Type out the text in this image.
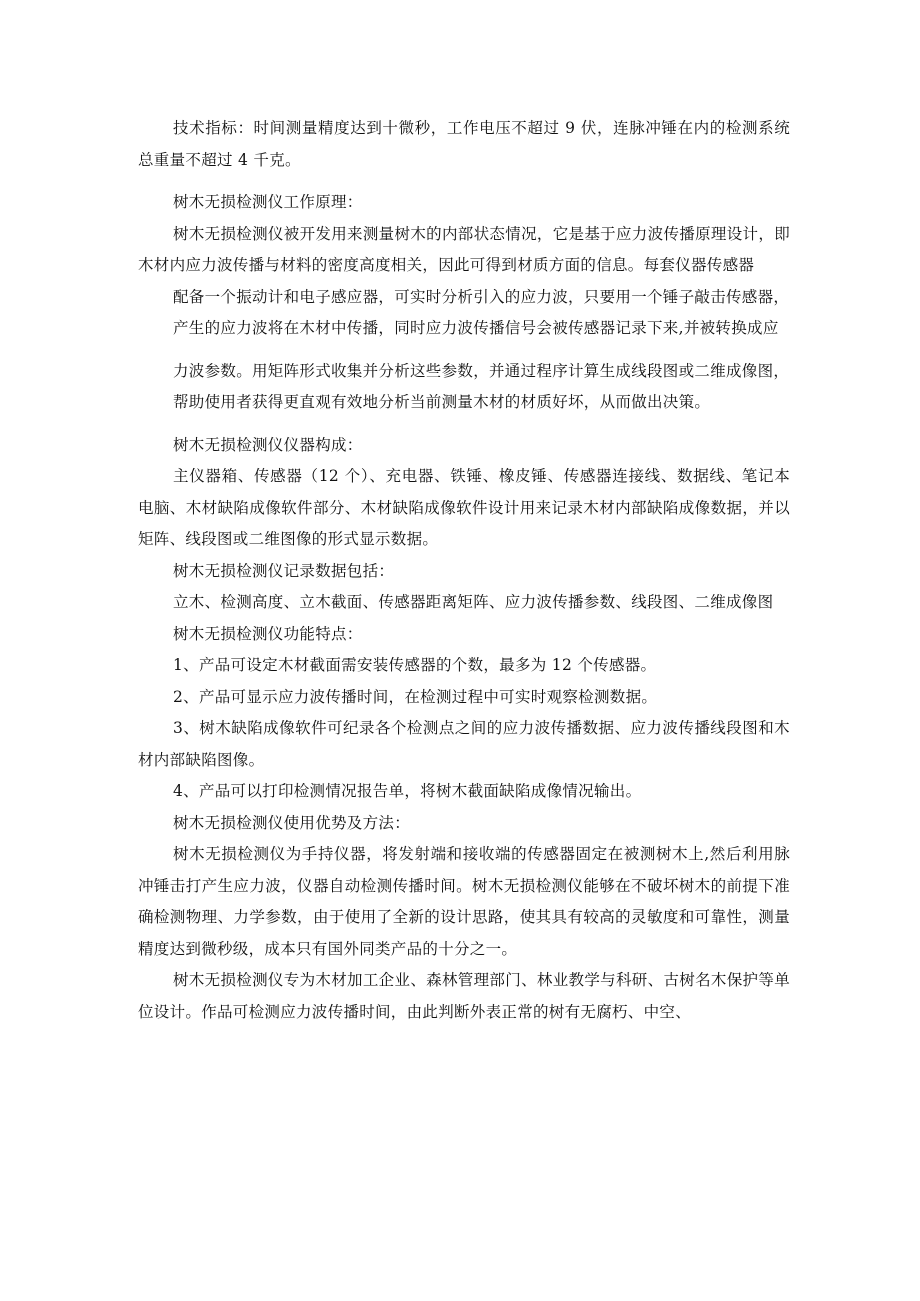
技术指标：时间测量精度达到十微秒，工作电压不超过 9 伏，连脉冲锤在内的检测系统总重量不超过 4 千克。

树木无损检测仪工作原理：

树木无损检测仪被开发用来测量树木的内部状态情况，它是基于应力波传播原理设计，即木材内应力波传播与材料的密度高度相关，因此可得到材质方面的信息。每套仪器传感器

配备一个振动计和电子感应器，可实时分析引入的应力波，只要用一个锤子敲击传感器，

产生的应力波将在木材中传播，同时应力波传播信号会被传感器记录下来,并被转换成应

力波参数。用矩阵形式收集并分析这些参数，并通过程序计算生成线段图或二维成像图，

帮助使用者获得更直观有效地分析当前测量木材的材质好坏，从而做出决策。

树木无损检测仪仪器构成：

主仪器箱、传感器（12 个）、充电器、铁锤、橡皮锤、传感器连接线、数据线、笔记本电脑、木材缺陷成像软件部分、木材缺陷成像软件设计用来记录木材内部缺陷成像数据，并以矩阵、线段图或二维图像的形式显示数据。

树木无损检测仪记录数据包括：

立木、检测高度、立木截面、传感器距离矩阵、应力波传播参数、线段图、二维成像图

树木无损检测仪功能特点：

1、产品可设定木材截面需安装传感器的个数，最多为 12 个传感器。

2、产品可显示应力波传播时间，在检测过程中可实时观察检测数据。

3、树木缺陷成像软件可纪录各个检测点之间的应力波传播数据、应力波传播线段图和木材内部缺陷图像。

4、产品可以打印检测情况报告单，将树木截面缺陷成像情况输出。

树木无损检测仪使用优势及方法：

树木无损检测仪为手持仪器，将发射端和接收端的传感器固定在被测树木上,然后利用脉冲锤击打产生应力波，仪器自动检测传播时间。树木无损检测仪能够在不破坏树木的前提下准确检测物理、力学参数，由于使用了全新的设计思路，使其具有较高的灵敏度和可靠性，测量精度达到微秒级，成本只有国外同类产品的十分之一。

树木无损检测仪专为木材加工企业、森林管理部门、林业教学与科研、古树名木保护等单位设计。作品可检测应力波传播时间，由此判断外表正常的树有无腐朽、中空、
